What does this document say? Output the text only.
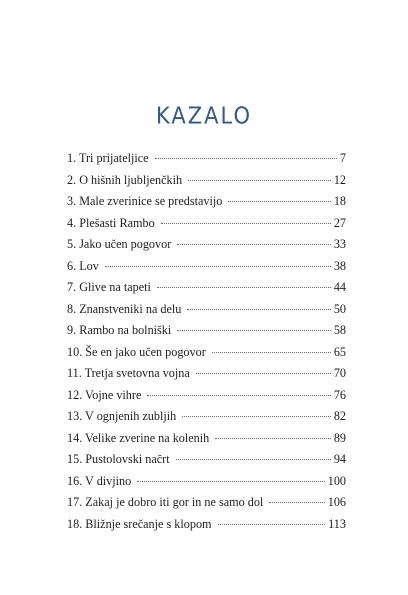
KAZALO
1. Tri prijateljice	7
2. O hišnih ljubljenčkih	12
3. Male zverinice se predstavijo	18
4. Plešasti Rambo	27
5. Jako učen pogovor	33
6. Lov	38
7. Glive na tapeti	44
8. Znanstveniki na delu	50
9. Rambo na bolniški	58
10. Še en jako učen pogovor	65
11. Tretja svetovna vojna	70
12. Vojne vihre	76
13. V ognjenih zubljih	82
14. Velike zverine na kolenih	89
15. Pustolovski načrt	94
16. V divjino	100
17. Zakaj je dobro iti gor in ne samo dol	106
18. Bližnje srečanje s klopom	113
